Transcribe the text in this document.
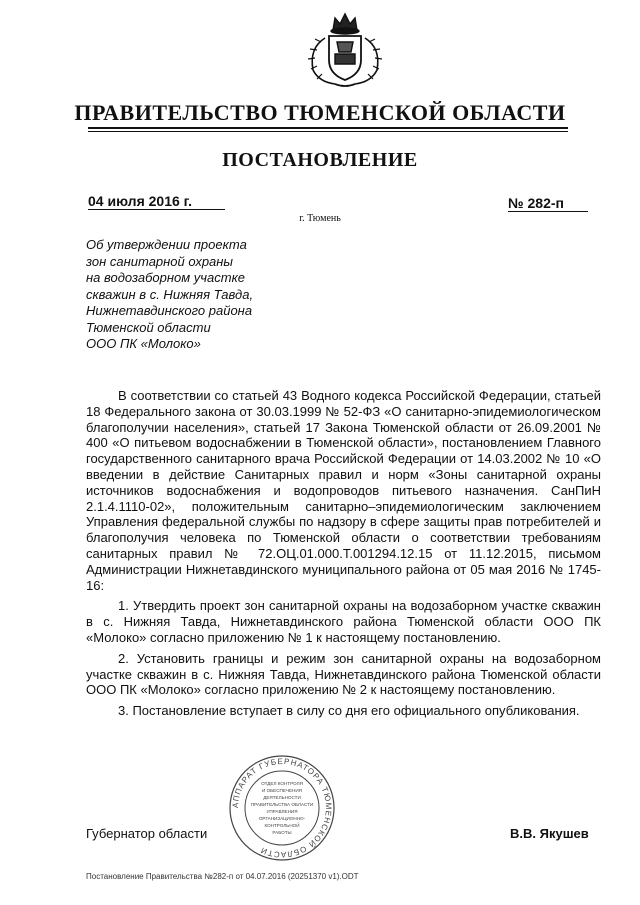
ПРАВИТЕЛЬСТВО ТЮМЕНСКОЙ ОБЛАСТИ
ПОСТАНОВЛЕНИЕ
04 июля 2016 г.	№ 282-п
г. Тюмень
Об утверждении проекта
зон санитарной охраны
на водозаборном участке
скважин в с. Нижняя Тавда,
Нижнетавдинского района
Тюменской области
ООО ПК «Молоко»

В соответствии со статьей 43 Водного кодекса Российской Федерации, статьей 18 Федерального закона от 30.03.1999 № 52-ФЗ «О санитарно-эпидемиологическом благополучии населения», статьей 17 Закона Тюменской области от 26.09.2001 № 400 «О питьевом водоснабжении в Тюменской области», постановлением Главного государственного санитарного врача Российской Федерации от 14.03.2002 № 10 «О введении в действие Санитарных правил и норм «Зоны санитарной охраны источников водоснабжения и водопроводов питьевого назначения. СанПиН 2.1.4.1110-02», положительным санитарно–эпидемиологическим заключением Управления федеральной службы по надзору в сфере защиты прав потребителей и благополучия человека по Тюменской области о соответствии требованиям санитарных правил № 72.ОЦ.01.000.Т.001294.12.15 от 11.12.2015, письмом Администрации Нижнетавдинского муниципального района от 05 мая 2016 № 1745-16:

1. Утвердить проект зон санитарной охраны на водозаборном участке скважин в с. Нижняя Тавда, Нижнетавдинского района Тюменской области ООО ПК «Молоко» согласно приложению № 1 к настоящему постановлению.

2. Установить границы и режим зон санитарной охраны на водозаборном участке скважин в с. Нижняя Тавда, Нижнетавдинского района Тюменской области ООО ПК «Молоко» согласно приложению № 2 к настоящему постановлению.

3. Постановление вступает в силу со дня его официального опубликования.

АППАРАТ ГУБЕРНАТОРА ТЮМЕНСКОЙ ОБЛАСТИ
ОТДЕЛ КОНТРОЛЯ
И ОБЕСПЕЧЕНИЯ
ДЕЯТЕЛЬНОСТИ
ПРАВИТЕЛЬСТВА ОБЛАСТИ
УПРАВЛЕНИЯ
ОРГАНИЗАЦИОННО-
КОНТРОЛЬНОЙ
РАБОТЫ
Губернатор области	В.В. Якушев
Постановление Правительства №282-п от 04.07.2016 (20251370 v1).ODT
